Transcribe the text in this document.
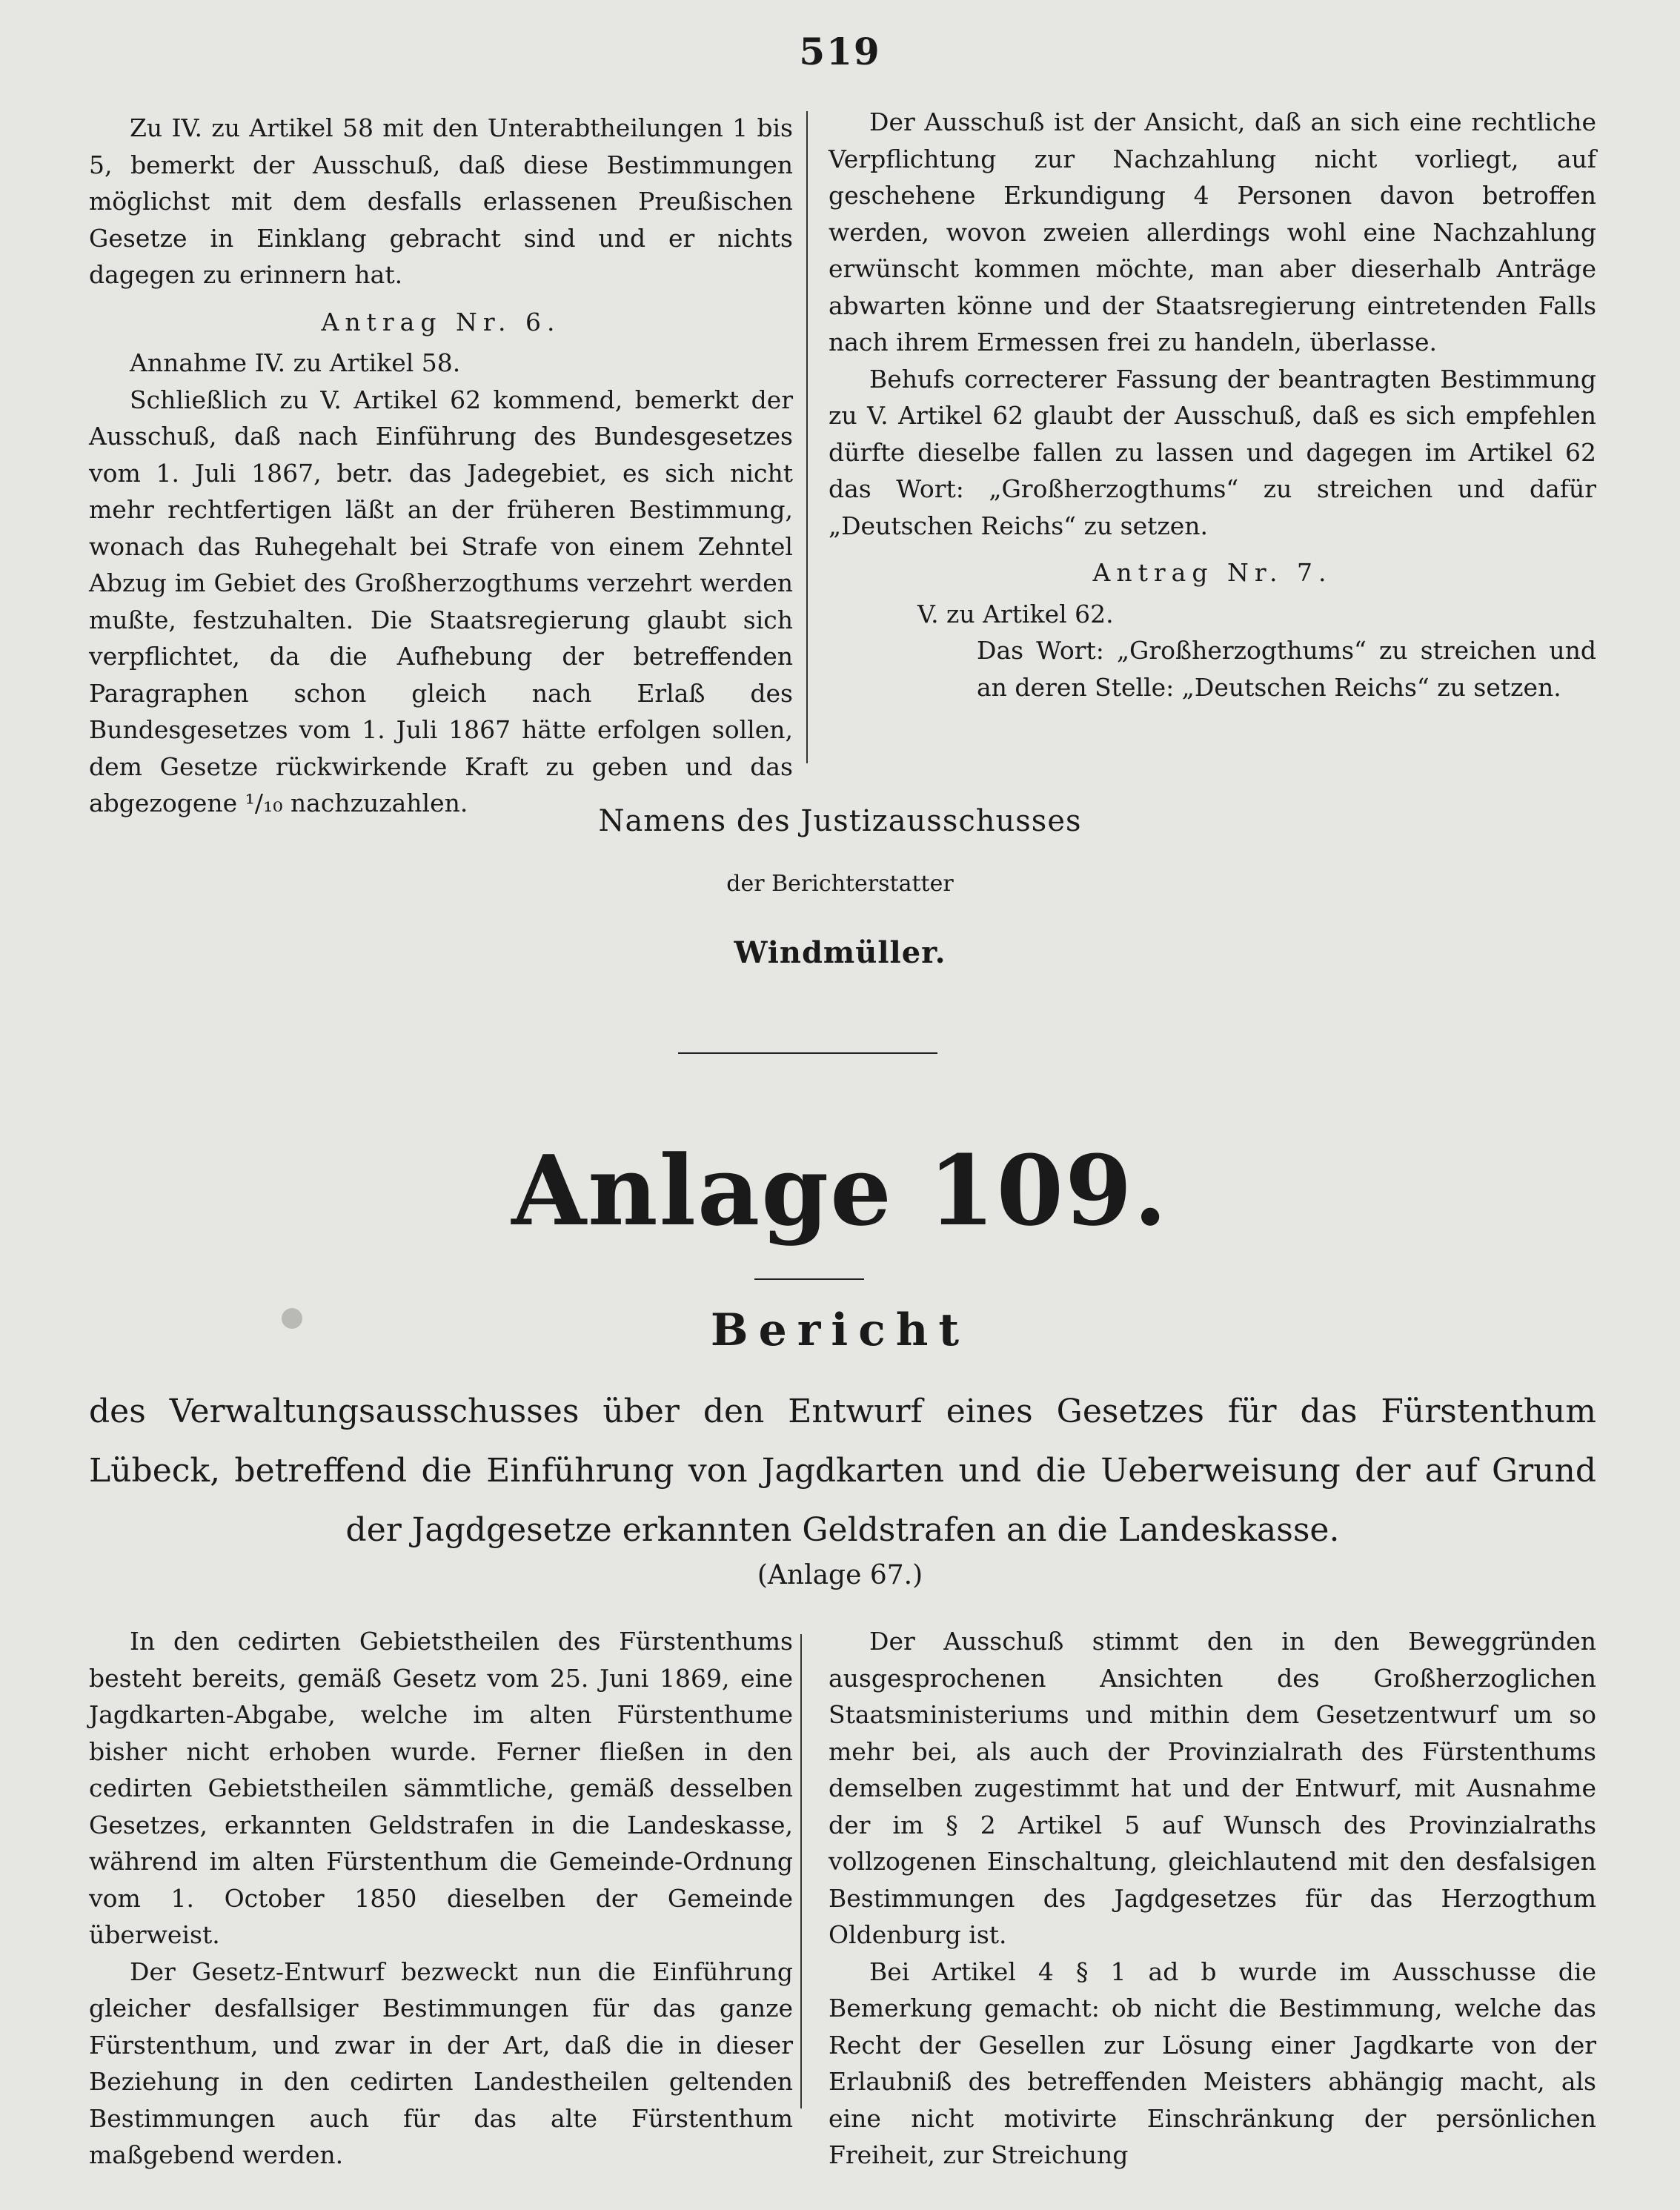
519

Zu IV. zu Artikel 58 mit den Unterabtheilungen 1 bis 5, bemerkt der Ausschuß, daß diese Bestimmungen möglichst mit dem desfalls erlassenen Preußischen Gesetze in Einklang gebracht sind und er nichts dagegen zu erinnern hat.

Antrag Nr. 6.

Annahme IV. zu Artikel 58.

Schließlich zu V. Artikel 62 kommend, bemerkt der Ausschuß, daß nach Einführung des Bundesgesetzes vom 1. Juli 1867, betr. das Jadegebiet, es sich nicht mehr rechtfertigen läßt an der früheren Bestimmung, wonach das Ruhegehalt bei Strafe von einem Zehntel Abzug im Gebiet des Großherzogthums verzehrt werden mußte, festzuhalten. Die Staatsregierung glaubt sich verpflichtet, da die Aufhebung der betreffenden Paragraphen schon gleich nach Erlaß des Bundesgesetzes vom 1. Juli 1867 hätte erfolgen sollen, dem Gesetze rückwirkende Kraft zu geben und das abgezogene ¹/₁₀ nachzuzahlen.

Der Ausschuß ist der Ansicht, daß an sich eine rechtliche Verpflichtung zur Nachzahlung nicht vorliegt, auf geschehene Erkundigung 4 Personen davon betroffen werden, wovon zweien allerdings wohl eine Nachzahlung erwünscht kommen möchte, man aber dieserhalb Anträge abwarten könne und der Staatsregierung eintretenden Falls nach ihrem Ermessen frei zu handeln, überlasse.

Behufs correcterer Fassung der beantragten Bestimmung zu V. Artikel 62 glaubt der Ausschuß, daß es sich empfehlen dürfte dieselbe fallen zu lassen und dagegen im Artikel 62 das Wort: „Großherzogthums“ zu streichen und dafür „Deutschen Reichs“ zu setzen.

Antrag Nr. 7.

V. zu Artikel 62.

Das Wort: „Großherzogthums“ zu streichen und an deren Stelle: „Deutschen Reichs“ zu setzen.

Namens des Justizausschusses
der Berichterstatter
Windmüller.
Anlage 109.
Bericht
des Verwaltungsausschusses über den Entwurf eines Gesetzes für das Fürstenthum Lübeck, betreffend die Einführung von Jagdkarten und die Ueberweisung der auf Grund der Jagdgesetze erkannten Geldstrafen an die Landeskasse.
(Anlage 67.)

In den cedirten Gebietstheilen des Fürstenthums besteht bereits, gemäß Gesetz vom 25. Juni 1869, eine Jagdkarten-Abgabe, welche im alten Fürstenthume bisher nicht erhoben wurde. Ferner fließen in den cedirten Gebietstheilen sämmtliche, gemäß desselben Gesetzes, erkannten Geldstrafen in die Landeskasse, während im alten Fürstenthum die Gemeinde-Ordnung vom 1. October 1850 dieselben der Gemeinde überweist.

Der Gesetz-Entwurf bezweckt nun die Einführung gleicher desfallsiger Bestimmungen für das ganze Fürstenthum, und zwar in der Art, daß die in dieser Beziehung in den cedirten Landestheilen geltenden Bestimmungen auch für das alte Fürstenthum maßgebend werden.

Der Ausschuß stimmt den in den Beweggründen ausgesprochenen Ansichten des Großherzoglichen Staatsministeriums und mithin dem Gesetzentwurf um so mehr bei, als auch der Provinzialrath des Fürstenthums demselben zugestimmt hat und der Entwurf, mit Ausnahme der im § 2 Artikel 5 auf Wunsch des Provinzialraths vollzogenen Einschaltung, gleichlautend mit den desfalsigen Bestimmungen des Jagdgesetzes für das Herzogthum Oldenburg ist.

Bei Artikel 4 § 1 ad b wurde im Ausschusse die Bemerkung gemacht: ob nicht die Bestimmung, welche das Recht der Gesellen zur Lösung einer Jagdkarte von der Erlaubniß des betreffenden Meisters abhängig macht, als eine nicht motivirte Einschränkung der persönlichen Freiheit, zur Streichung
